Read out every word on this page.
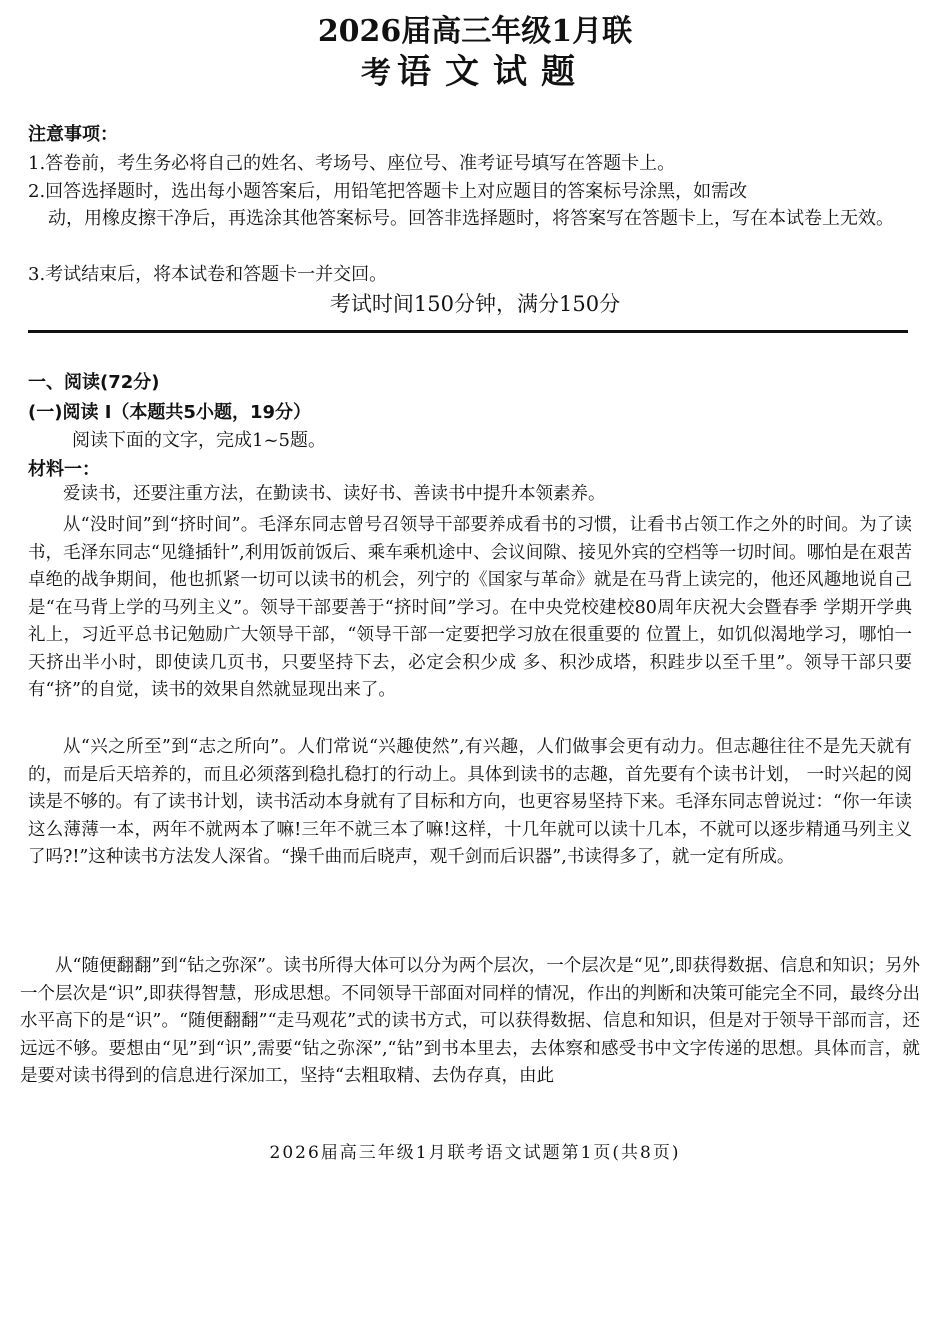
2026届高三年级1月联
考语文试题
注意事项：
1.答卷前，考生务必将自己的姓名、考场号、座位号、准考证号填写在答题卡上。
2.回答选择题时，选出每小题答案后，用铅笔把答题卡上对应题目的答案标号涂黑，如需改
动，用橡皮擦干净后，再选涂其他答案标号。回答非选择题时，将答案写在答题卡上，写在本试卷上无效。
3.考试结束后，将本试卷和答题卡一并交回。
考试时间150分钟，满分150分
一、阅读(72分)
(一)阅读 I（本题共5小题，19分）
阅读下面的文字，完成1~5题。
材料一：

爱读书，还要注重方法，在勤读书、读好书、善读书中提升本领素养。

从“没时间”到“挤时间”。毛泽东同志曾号召领导干部要养成看书的习惯，让看书占领工作之外的时间。为了读书，毛泽东同志“见缝插针”,利用饭前饭后、乘车乘机途中、会议间隙、接见外宾的空档等一切时间。哪怕是在艰苦卓绝的战争期间，他也抓紧一切可以读书的机会，列宁的《国家与革命》就是在马背上读完的，他还风趣地说自己是“在马背上学的马列主义”。领导干部要善于“挤时间”学习。在中央党校建校80周年庆祝大会暨春季 学期开学典礼上，习近平总书记勉励广大领导干部，“领导干部一定要把学习放在很重要的 位置上，如饥似渴地学习，哪怕一天挤出半小时，即使读几页书，只要坚持下去，必定会积少成 多、积沙成塔，积跬步以至千里”。领导干部只要有“挤”的自觉，读书的效果自然就显现出来了。

从“兴之所至”到“志之所向”。人们常说“兴趣使然”,有兴趣，人们做事会更有动力。但志趣往往不是先天就有的，而是后天培养的，而且必须落到稳扎稳打的行动上。具体到读书的志趣，首先要有个读书计划， 一时兴起的阅读是不够的。有了读书计划，读书活动本身就有了目标和方向，也更容易坚持下来。毛泽东同志曾说过：“你一年读这么薄薄一本，两年不就两本了嘛!三年不就三本了嘛!这样，十几年就可以读十几本，不就可以逐步精通马列主义了吗?!”这种读书方法发人深省。“操千曲而后晓声，观千剑而后识器”,书读得多了，就一定有所成。

从“随便翻翻”到“钻之弥深”。读书所得大体可以分为两个层次，一个层次是“见”,即获得数据、信息和知识；另外一个层次是“识”,即获得智慧，形成思想。不同领导干部面对同样的情况，作出的判断和决策可能完全不同，最终分出水平高下的是“识”。“随便翻翻”“走马观花”式的读书方式，可以获得数据、信息和知识，但是对于领导干部而言，还远远不够。要想由“见”到“识”,需要“钻之弥深”,“钻”到书本里去，去体察和感受书中文字传递的思想。具体而言，就是要对读书得到的信息进行深加工，坚持“去粗取精、去伪存真，由此

2026届高三年级1月联考语文试题第1页(共8页)
